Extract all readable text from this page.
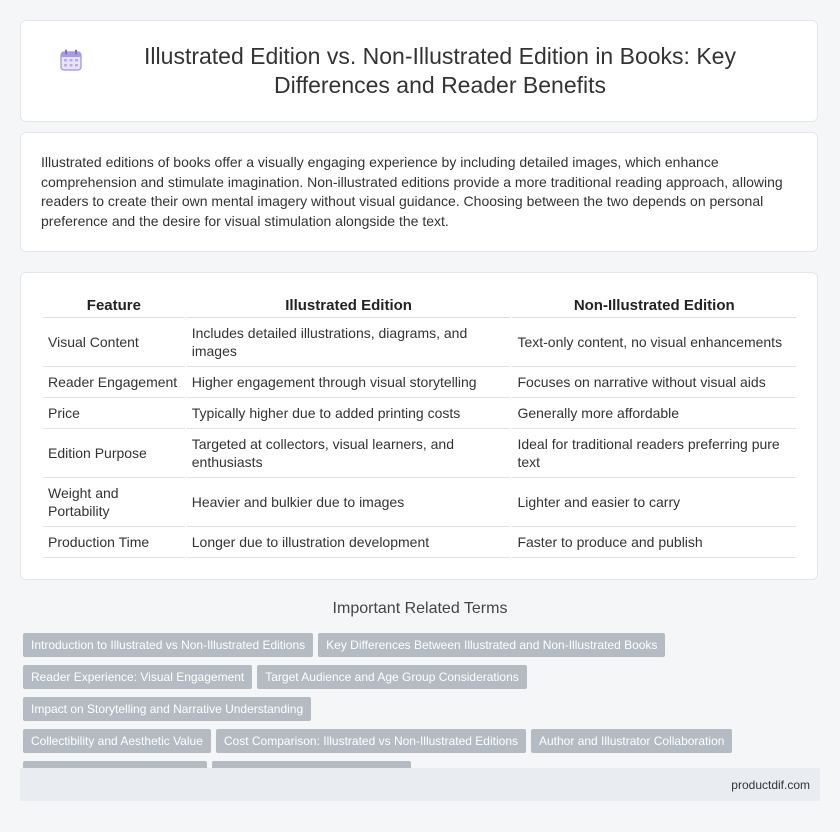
Illustrated Edition vs. Non-Illustrated Edition in Books: Key Differences and Reader Benefits

Illustrated editions of books offer a visually engaging experience by including detailed images, which enhance comprehension and stimulate imagination. Non-illustrated editions provide a more traditional reading approach, allowing readers to create their own mental imagery without visual guidance. Choosing between the two depends on personal preference and the desire for visual stimulation alongside the text.

Feature	Illustrated Edition	Non-Illustrated Edition
Visual Content	Includes detailed illustrations, diagrams, and images	Text-only content, no visual enhancements
Reader Engagement	Higher engagement through visual storytelling	Focuses on narrative without visual aids
Price	Typically higher due to added printing costs	Generally more affordable
Edition Purpose	Targeted at collectors, visual learners, and enthusiasts	Ideal for traditional readers preferring pure text
Weight and Portability	Heavier and bulkier due to images	Lighter and easier to carry
Production Time	Longer due to illustration development	Faster to produce and publish
Important Related Terms
Introduction to Illustrated vs Non-Illustrated Editions Key Differences Between Illustrated and Non-Illustrated Books
Reader Experience: Visual Engagement Target Audience and Age Group ConsiderationsImpact on Storytelling and Narrative Understanding
Collectibility and Aesthetic Value Cost Comparison: Illustrated vs Non-Illustrated Editions Author and Illustrator Collaboration

productdif.com
